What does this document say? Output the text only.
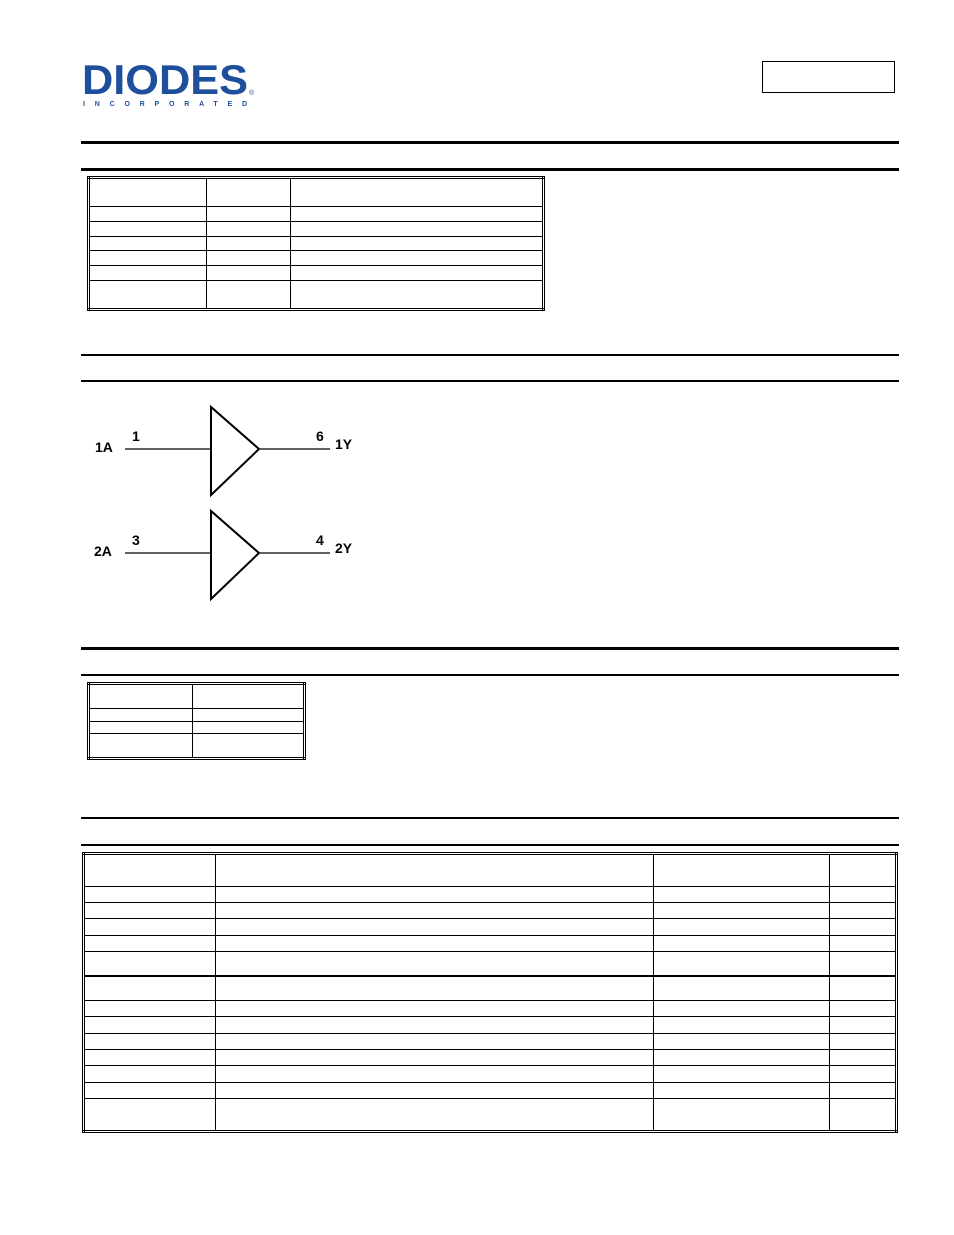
DIODES
INCORPORATED
®

1A
1	6 1Y
2A
3	4 2Y
